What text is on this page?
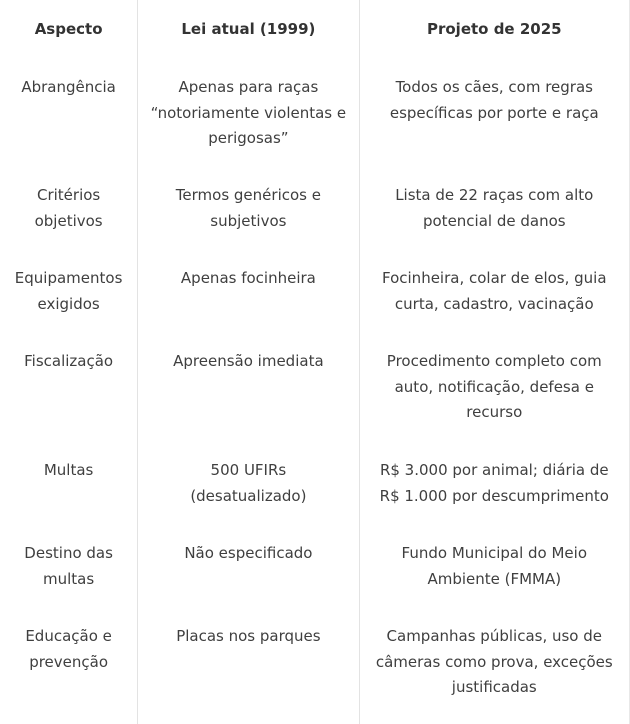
Aspecto	Lei atual (1999)	Projeto de 2025
Abrangência	Apenas para raças “notoriamente violentas e perigosas”	Todos os cães, com regras específicas por porte e raça
Critérios objetivos	Termos genéricos e subjetivos	Lista de 22 raças com alto potencial de danos
Equipamentos exigidos	Apenas focinheira	Focinheira, colar de elos, guia curta, cadastro, vacinação
Fiscalização	Apreensão imediata	Procedimento completo com auto, notificação, defesa e recurso
Multas	500 UFIRs (desatualizado)	R$ 3.000 por animal; diária de R$ 1.000 por descumprimento
Destino das multas	Não especificado	Fundo Municipal do Meio Ambiente (FMMA)
Educação e prevenção	Placas nos parques	Campanhas públicas, uso de câmeras como prova, exceções justificadas
